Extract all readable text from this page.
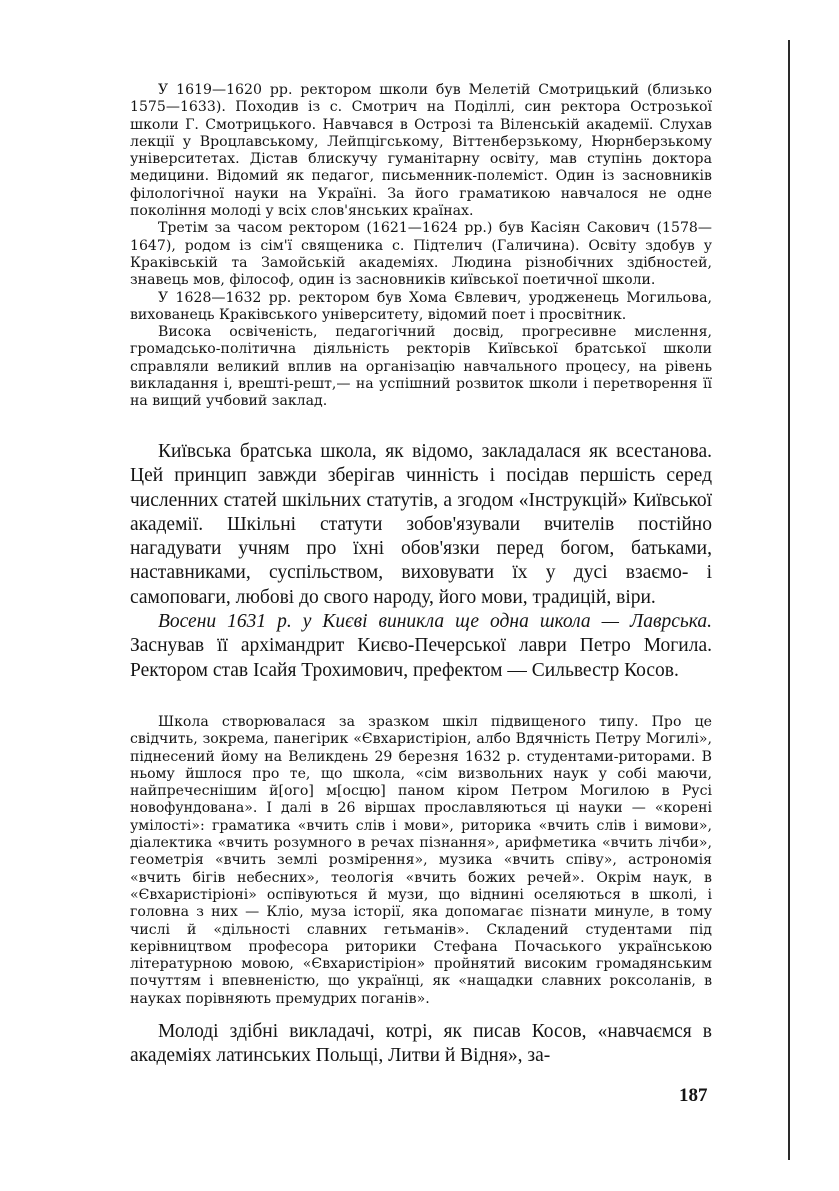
У 1619—1620 рр. ректором школи був Мелетій Смотрицький (близько 1575—1633). Походив із с. Смотрич на Поділлі, син ректора Острозької школи Г. Смотрицького. Навчався в Острозі та Віленській академії. Слухав лекції у Вроцлавському, Лейпцігському, Віттенберзькому, Нюрнберзькому університетах. Дістав блискучу гуманітарну освіту, мав ступінь доктора медицини. Відомий як педагог, письменник-полеміст. Один із засновників філологічної науки на Україні. За його граматикою навчалося не одне покоління молоді у всіх слов'янських країнах.

Третім за часом ректором (1621—1624 рр.) був Касіян Сакович (1578—1647), родом із сім'ї священика с. Підтелич (Галичина). Освіту здобув у Краківській та Замойській академіях. Людина різнобічних здібностей, знавець мов, філософ, один із засновників київської поетичної школи.

У 1628—1632 рр. ректором був Хома Євлевич, уродженець Могильова, вихованець Краківського університету, відомий поет і просвітник.

Висока освіченість, педагогічний досвід, прогресивне мислення, громадсько-політична діяльність ректорів Київської братської школи справляли великий вплив на організацію навчального процесу, на рівень викладання і, врешті-решт,— на успішний розвиток школи і перетворення її на вищий учбовий заклад.

Київська братська школа, як відомо, закладалася як всестанова. Цей принцип завжди зберігав чинність і посідав першість серед численних статей шкільних статутів, а згодом «Інструкцій» Київської академії. Шкільні статути зобов'язували вчителів постійно нагадувати учням про їхні обов'язки перед богом, батьками, наставниками, суспільством, виховувати їх у дусі взаємо- і самоповаги, любові до свого народу, його мови, традицій, віри.

Восени 1631 р. у Києві виникла ще одна школа — Лаврська. Заснував її архімандрит Києво-Печерської лаври Петро Могила. Ректором став Ісайя Трохимович, префектом — Сильвестр Косов.

Школа створювалася за зразком шкіл підвищеного типу. Про це свідчить, зокрема, панегірик «Євхаристіріон, албо Вдячність Петру Могилі», піднесений йому на Великдень 29 березня 1632 р. студентами-риторами. В ньому йшлося про те, що школа, «сім визвольних наук у собі маючи, найпречеснішим й[ого] м[осцю] паном кіром Петром Могилою в Русі новофундована». І далі в 26 віршах прославляються ці науки — «корені умілості»: граматика «вчить слів і мови», риторика «вчить слів і вимови», діалектика «вчить розумного в речах пізнання», арифметика «вчить лічби», геометрія «вчить землі розмірення», музика «вчить співу», астрономія «вчить бігів небесних», теологія «вчить божих речей». Окрім наук, в «Євхаристіріоні» оспівуються й музи, що віднині оселяються в школі, і головна з них — Кліо, муза історії, яка допомагає пізнати минуле, в тому числі й «дільності славних гетьманів». Складений студентами під керівництвом професора риторики Стефана Почаського українською літературною мовою, «Євхаристіріон» пройнятий високим громадянським почуттям і впевненістю, що українці, як «нащадки славних роксоланів, в науках порівняють премудрих поганів».

Молоді здібні викладачі, котрі, як писав Косов, «навчаємся в академіях латинських Польщі, Литви й Відня», за-

187
